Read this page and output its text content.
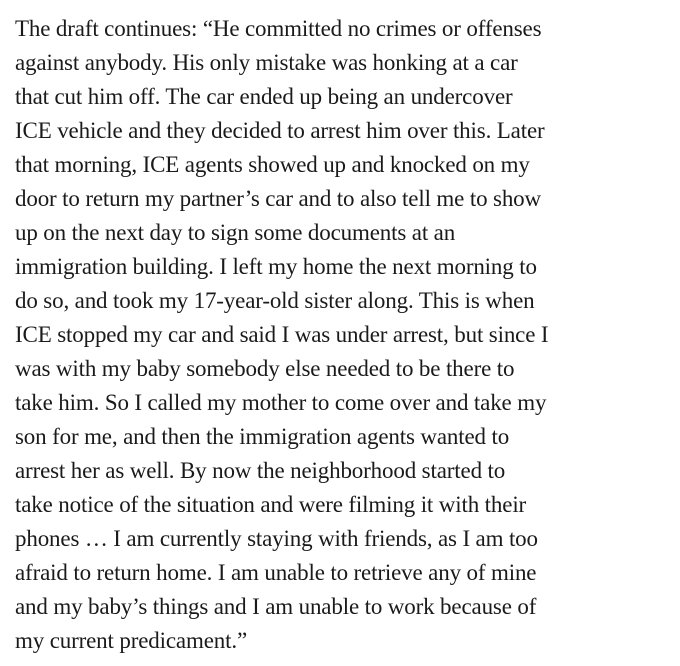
The draft continues: “He committed no crimes or offenses
against anybody. His only mistake was honking at a car
that cut him off. The car ended up being an undercover
ICE vehicle and they decided to arrest him over this. Later
that morning, ICE agents showed up and knocked on my
door to return my partner’s car and to also tell me to show
up on the next day to sign some documents at an
immigration building. I left my home the next morning to
do so, and took my 17-year-old sister along. This is when
ICE stopped my car and said I was under arrest, but since I
was with my baby somebody else needed to be there to
take him. So I called my mother to come over and take my
son for me, and then the immigration agents wanted to
arrest her as well. By now the neighborhood started to
take notice of the situation and were filming it with their
phones … I am currently staying with friends, as I am too
afraid to return home. I am unable to retrieve any of mine
and my baby’s things and I am unable to work because of
my current predicament.”
